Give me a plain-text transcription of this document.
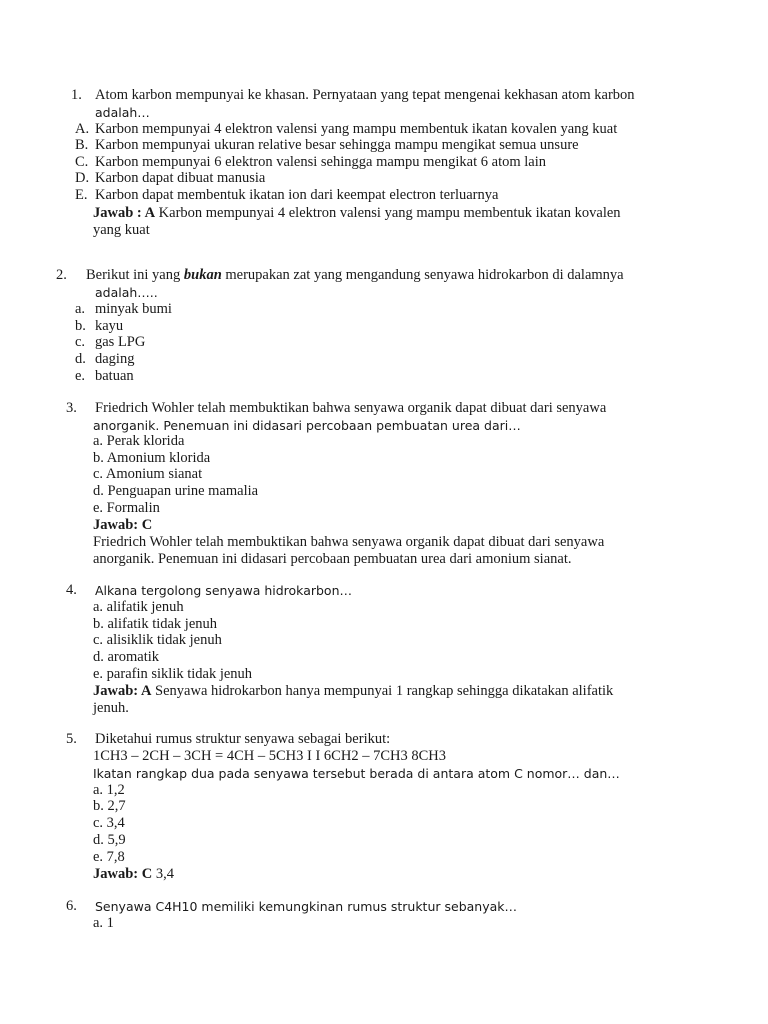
1. Atom karbon mempunyai ke khasan. Pernyataan yang tepat mengenai kekhasan atom karbon
adalah…
A. Karbon mempunyai 4 elektron valensi yang mampu membentuk ikatan kovalen yang kuat
B. Karbon mempunyai ukuran relative besar sehingga mampu mengikat semua unsure
C. Karbon mempunyai 6 elektron valensi sehingga mampu mengikat 6 atom lain
D. Karbon dapat dibuat manusia
E. Karbon dapat membentuk ikatan ion dari keempat electron terluarnya
Jawab : A Karbon mempunyai 4 elektron valensi yang mampu membentuk ikatan kovalen
yang kuat
2. Berikut ini yang bukan merupakan zat yang mengandung senyawa hidrokarbon di dalamnya
adalah…..
a. minyak bumi
b. kayu
c. gas LPG
d. daging
e. batuan
3. Friedrich Wohler telah membuktikan bahwa senyawa organik dapat dibuat dari senyawa
anorganik. Penemuan ini didasari percobaan pembuatan urea dari…
a. Perak klorida
b. Amonium klorida
c. Amonium sianat
d. Penguapan urine mamalia
e. Formalin
Jawab: C
Friedrich Wohler telah membuktikan bahwa senyawa organik dapat dibuat dari senyawa
anorganik. Penemuan ini didasari percobaan pembuatan urea dari amonium sianat.
4. Alkana tergolong senyawa hidrokarbon…
a. alifatik jenuh
b. alifatik tidak jenuh
c. alisiklik tidak jenuh
d. aromatik
e. parafin siklik tidak jenuh
Jawab: A Senyawa hidrokarbon hanya mempunyai 1 rangkap sehingga dikatakan alifatik
jenuh.
5. Diketahui rumus struktur senyawa sebagai berikut:
1CH3 – 2CH – 3CH = 4CH – 5CH3 I I 6CH2 – 7CH3 8CH3
Ikatan rangkap dua pada senyawa tersebut berada di antara atom C nomor… dan…
a. 1,2
b. 2,7
c. 3,4
d. 5,9
e. 7,8
Jawab: C 3,4
6. Senyawa C4H10 memiliki kemungkinan rumus struktur sebanyak…
a. 1
